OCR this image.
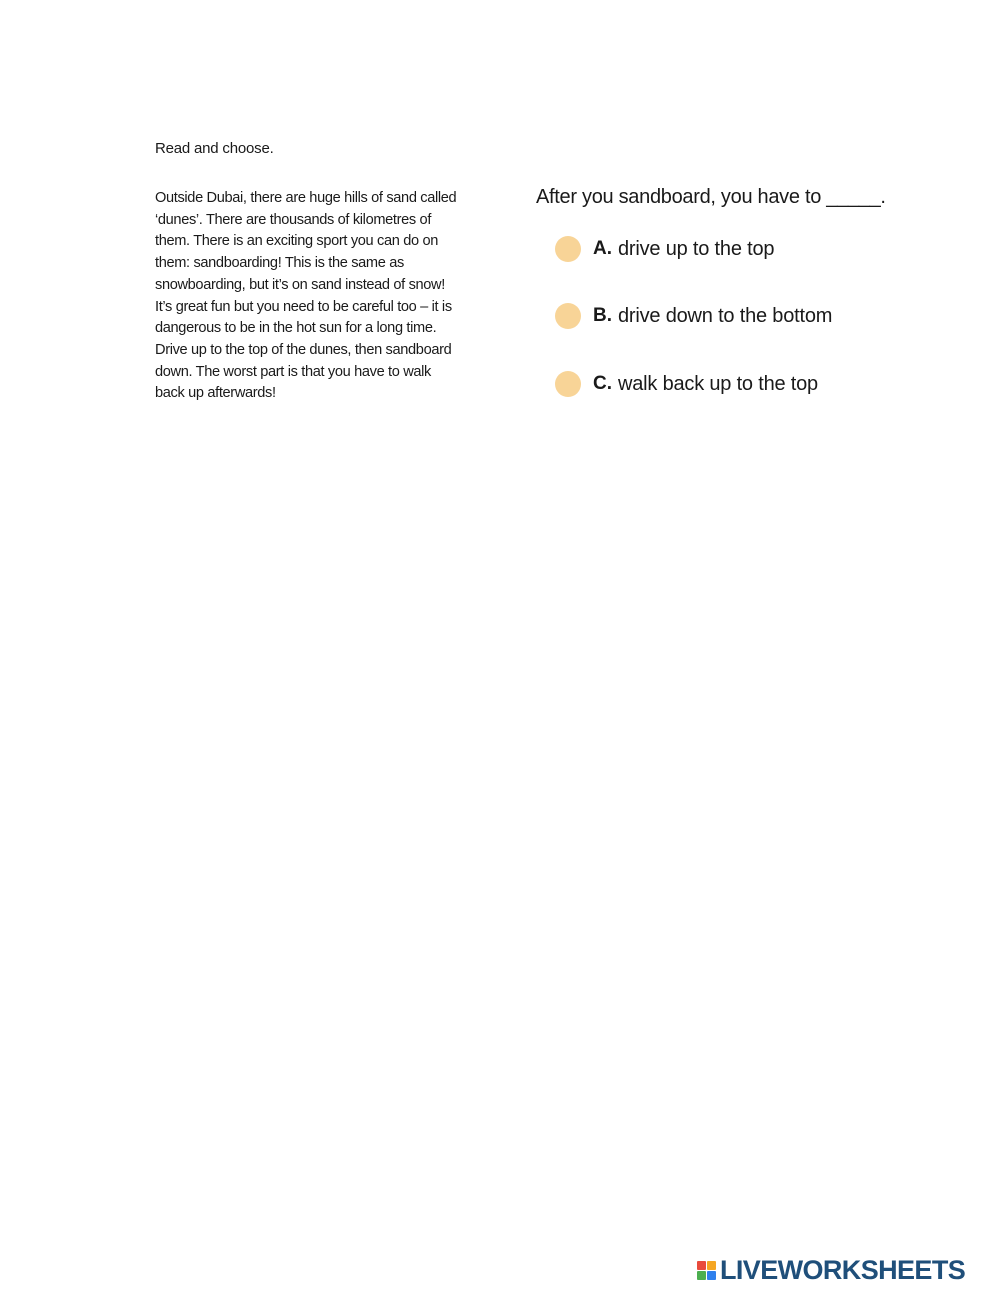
Read and choose.

Outside Dubai, there are huge hills of sand called
‘dunes’. There are thousands of kilometres of
them. There is an exciting sport you can do on
them: sandboarding! This is the same as
snowboarding, but it’s on sand instead of snow!
It’s great fun but you need to be careful too – it is
dangerous to be in the hot sun for a long time.
Drive up to the top of the dunes, then sandboard
down. The worst part is that you have to walk
back up afterwards!

After you sandboard, you have to _____.
A. drive up to the top
B. drive down to the bottom
C. walk back up to the top
LIVEWORKSHEETS
